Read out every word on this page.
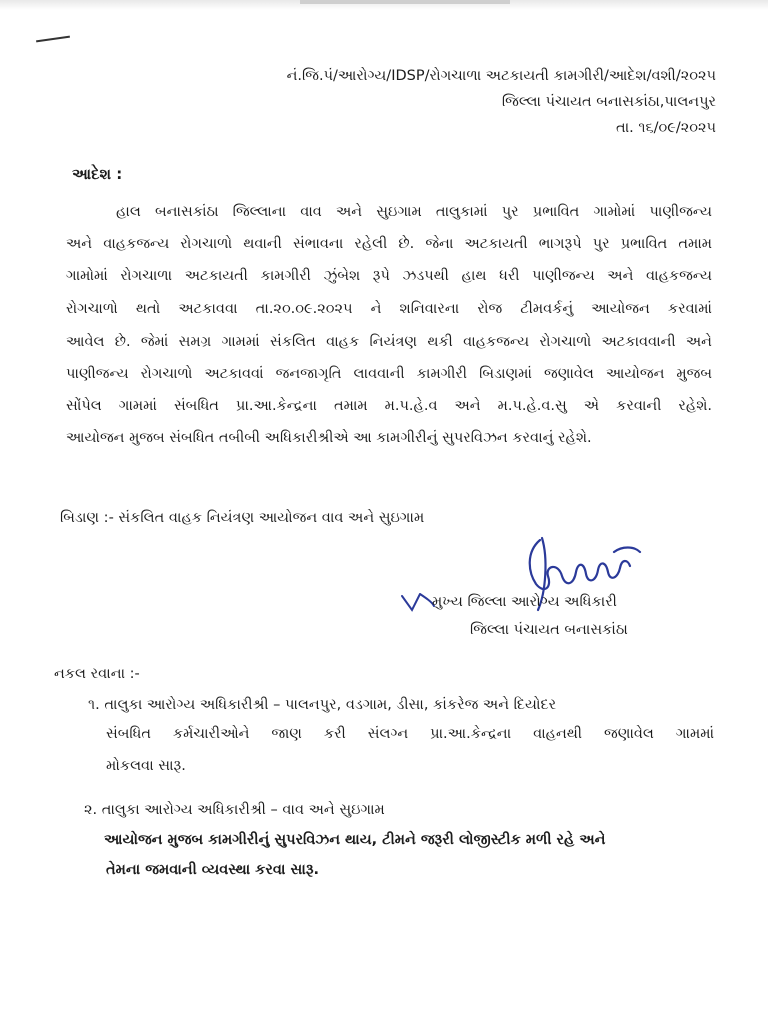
નં.જિ.પં/આરોગ્ય/IDSP/રોગચાળા અટકાયતી કામગીરી/આદેશ/વશી/૨૦૨૫
જિલ્લા પંચાયત બનાસકાંઠા,પાલનપુર
તા. ૧૬/૦૯/૨૦૨૫
આદેશ :
હાલ બનાસકાંઠા જિલ્લાના વાવ અને સુઇગામ તાલુકામાં પુર પ્રભાવિત ગામોમાં પાણીજન્ય
અને વાહકજન્ય રોગચાળો થવાની સંભાવના રહેલી છે. જેના અટકાયતી ભાગરૂપે પુર પ્રભાવિત તમામ
ગામોમાં રોગચાળા અટકાયતી કામગીરી ઝુંબેશ રૂપે ઝડપથી હાથ ધરી પાણીજન્ય અને વાહકજન્ય
રોગચાળો થતો અટકાવવા તા.૨૦.૦૯.૨૦૨૫ ને શનિવારના રોજ ટીમવર્કનું આયોજન કરવામાં
આવેલ છે. જેમાં સમગ્ર ગામમાં સંકલિત વાહક નિયંત્રણ થકી વાહકજન્ય રોગચાળો અટકાવવાની અને
પાણીજન્ય રોગચાળો અટકાવવાં જનજાગૃતિ લાવવાની કામગીરી બિડાણમાં જણાવેલ આયોજન મુજબ
સોંપેલ ગામમાં સંબધિત પ્રા.આ.કેન્દ્રના તમામ મ.પ.હે.વ અને મ.પ.હે.વ.સુ એ કરવાની રહેશે.
આયોજન મુજબ સંબધિત તબીબી અધિકારીશ્રીએ આ કામગીરીનું સુપરવિઝન કરવાનું રહેશે.
બિડાણ :- સંકલિત વાહક નિયંત્રણ આયોજન વાવ અને સુઇગામ
મુખ્ય જિલ્લા આરોગ્ય અધિકારી
જિલ્લા પંચાયત બનાસકાંઠા
નકલ રવાના :-
૧. તાલુકા આરોગ્ય અધિકારીશ્રી – પાલનપુર, વડગામ, ડીસા, કાંકરેજ અને દિયોદર
સંબધિત કર્મચારીઓને જાણ કરી સંલગ્ન પ્રા.આ.કેન્દ્રના વાહનથી જણાવેલ ગામમાં
મોકલવા સારૂ.
૨. તાલુકા આરોગ્ય અધિકારીશ્રી – વાવ અને સુઇગામ
આયોજન મુજબ કામગીરીનું સુપરવિઝન થાય, ટીમને જરૂરી લોજીસ્ટીક મળી રહે અને
તેમના જમવાની વ્યવસ્થા કરવા સારૂ.
